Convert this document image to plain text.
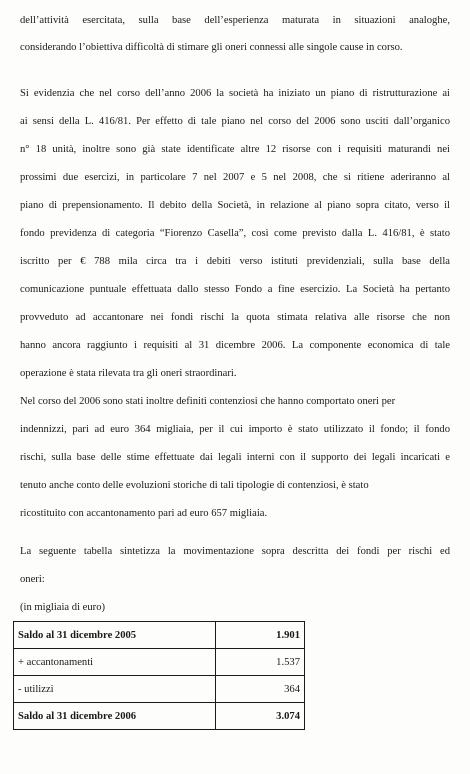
dell’attività esercitata, sulla base dell’esperienza maturata in situazioni analoghe,
considerando l’obiettiva difficoltà di stimare gli oneri connessi alle singole cause in corso.
Si evidenzia che nel corso dell’anno 2006 la società ha iniziato un piano di ristrutturazione ai
ai sensi della L. 416/81. Per effetto di tale piano nel corso del 2006 sono usciti dall’organico
n° 18 unità, inoltre sono già state identificate altre 12 risorse con i requisiti maturandi nei
prossimi due esercizi, in particolare 7 nel 2007 e 5 nel 2008, che si ritiene aderiranno al
piano di prepensionamento. Il debito della Società, in relazione al piano sopra citato, verso il
fondo previdenza di categoria “Fiorenzo Casella”, così come previsto dalla L. 416/81, è stato
iscritto per € 788 mila circa tra i debiti verso istituti previdenziali, sulla base della
comunicazione puntuale effettuata dallo stesso Fondo a fine esercizio. La Società ha pertanto
provveduto ad accantonare nei fondi rischi la quota stimata relativa alle risorse che non
hanno ancora raggiunto i requisiti al 31 dicembre 2006. La componente economica di tale
operazione è stata rilevata tra gli oneri straordinari.
Nel corso del 2006 sono stati inoltre definiti contenziosi che hanno comportato oneri per
indennizzi, pari ad euro 364 migliaia, per il cui importo è stato utilizzato il fondo; il fondo
rischi, sulla base delle stime effettuate dai legali interni con il supporto dei legali incaricati e
tenuto anche conto delle evoluzioni storiche di tali tipologie di contenziosi, è stato
ricostituito con accantonamento pari ad euro 657 migliaia.
La seguente tabella sintetizza la movimentazione sopra descritta dei fondi per rischi ed
oneri:
(in migliaia di euro)
Saldo al 31 dicembre 2005	1.901
+ accantonamenti	1.537
- utilizzi	364
Saldo al 31 dicembre 2006	3.074
